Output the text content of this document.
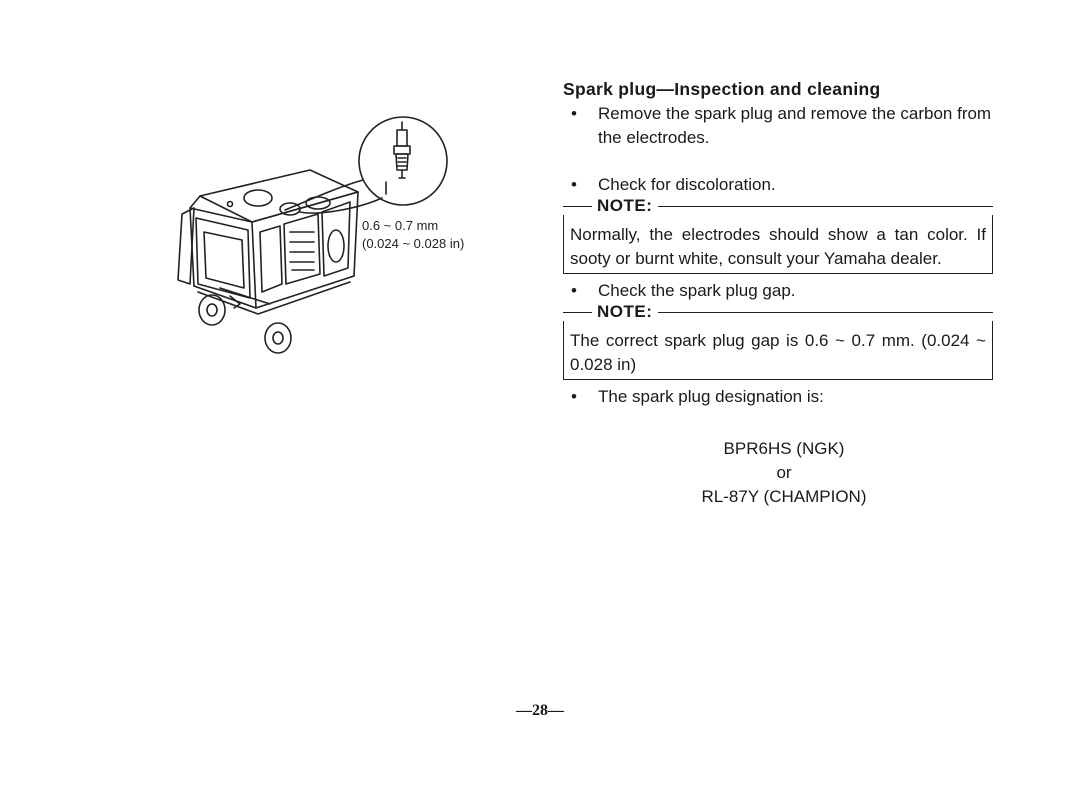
0.6 ~ 0.7 mm
(0.024 ~ 0.028 in)
Spark plug—Inspection and cleaning
• Remove the spark plug and remove the carbon from the electrodes.
• Check for discoloration.
NOTE:
Normally, the electrodes should show a tan color. If sooty or burnt white, consult your Yamaha dealer.
• Check the spark plug gap.
NOTE:
The correct spark plug gap is 0.6 ~ 0.7 mm. (0.024 ~ 0.028 in)
• The spark plug designation is:
BPR6HS (NGK)
or
RL-87Y (CHAMPION)
—28—
